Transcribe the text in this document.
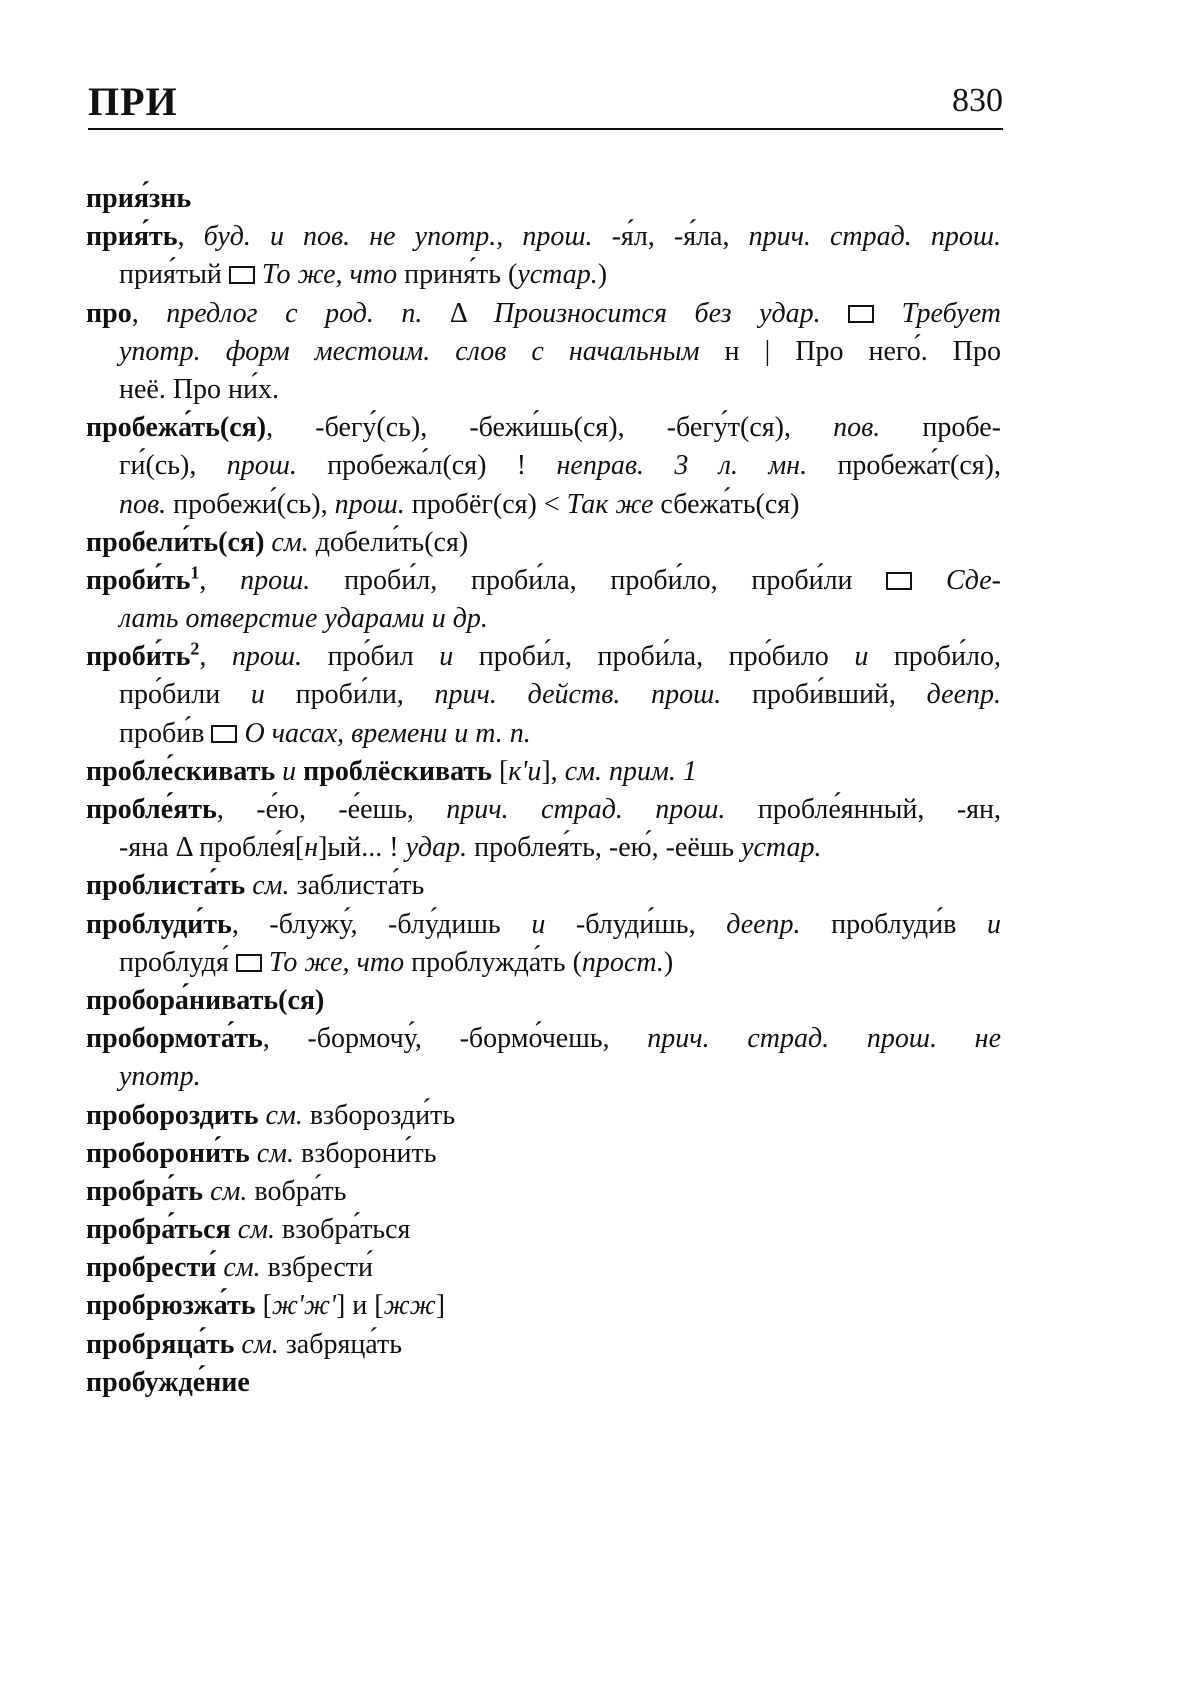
ПРИ	830
прия́знь
прия́ть, буд. и пов. не употр., прош. -я́л, -я́ла, прич. страд. прош.
прия́тый  То же, что приня́ть (устар.)
про, предлог с род. п. Δ Произносится без удар.  Требует
употр. форм местоим. слов с начальным н | Про него́. Про
неё. Про ни́х.
пробежа́ть(ся), -бегу́(сь), -бежи́шь(ся), -бегу́т(ся), пов. пробе-
ги́(сь), прош. пробежа́л(ся) ! неправ. 3 л. мн. пробежа́т(ся),
пов. пробежи́(сь), прош. пробёг(ся) < Так же сбежа́ть(ся)
пробели́ть(ся) см. добели́ть(ся)
$проби́ть^1$, прош. проби́л, проби́ла, проби́ло, проби́ли  Сде-
лать отверстие ударами и др.
$проби́ть^2$, прош. про́бил и проби́л, проби́ла, про́било и проби́ло,
про́били и проби́ли, прич. действ. прош. проби́вший, деепр.
проби́в  О часах, времени и т. п.
пробле́скивать и проблёскивать [к'и], см. прим. 1
пробле́ять, -е́ю, -е́ешь, прич. страд. прош. пробле́янный, -ян,
-яна Δ пробле́я[н]ый... ! удар. проблея́ть, -ею́, -еёшь устар.
проблиста́ть см. заблиста́ть
проблуди́ть, -блужу́, -блу́дишь и -блуди́шь, деепр. проблуди́в и
проблудя́  То же, что проблужда́ть (прост.)
пробора́нивать(ся)
пробормота́ть, -бормочу́, -бормо́чешь, прич. страд. прош. не
употр.
пробороздить см. взборозди́ть
проборони́ть см. взборони́ть
пробра́ть см. вобра́ть
пробра́ться см. взобра́ться
пробрести́ см. взбрести́
пробрюзжа́ть [ж'ж'] и [жж]
пробряца́ть см. забряца́ть
пробужде́ние
